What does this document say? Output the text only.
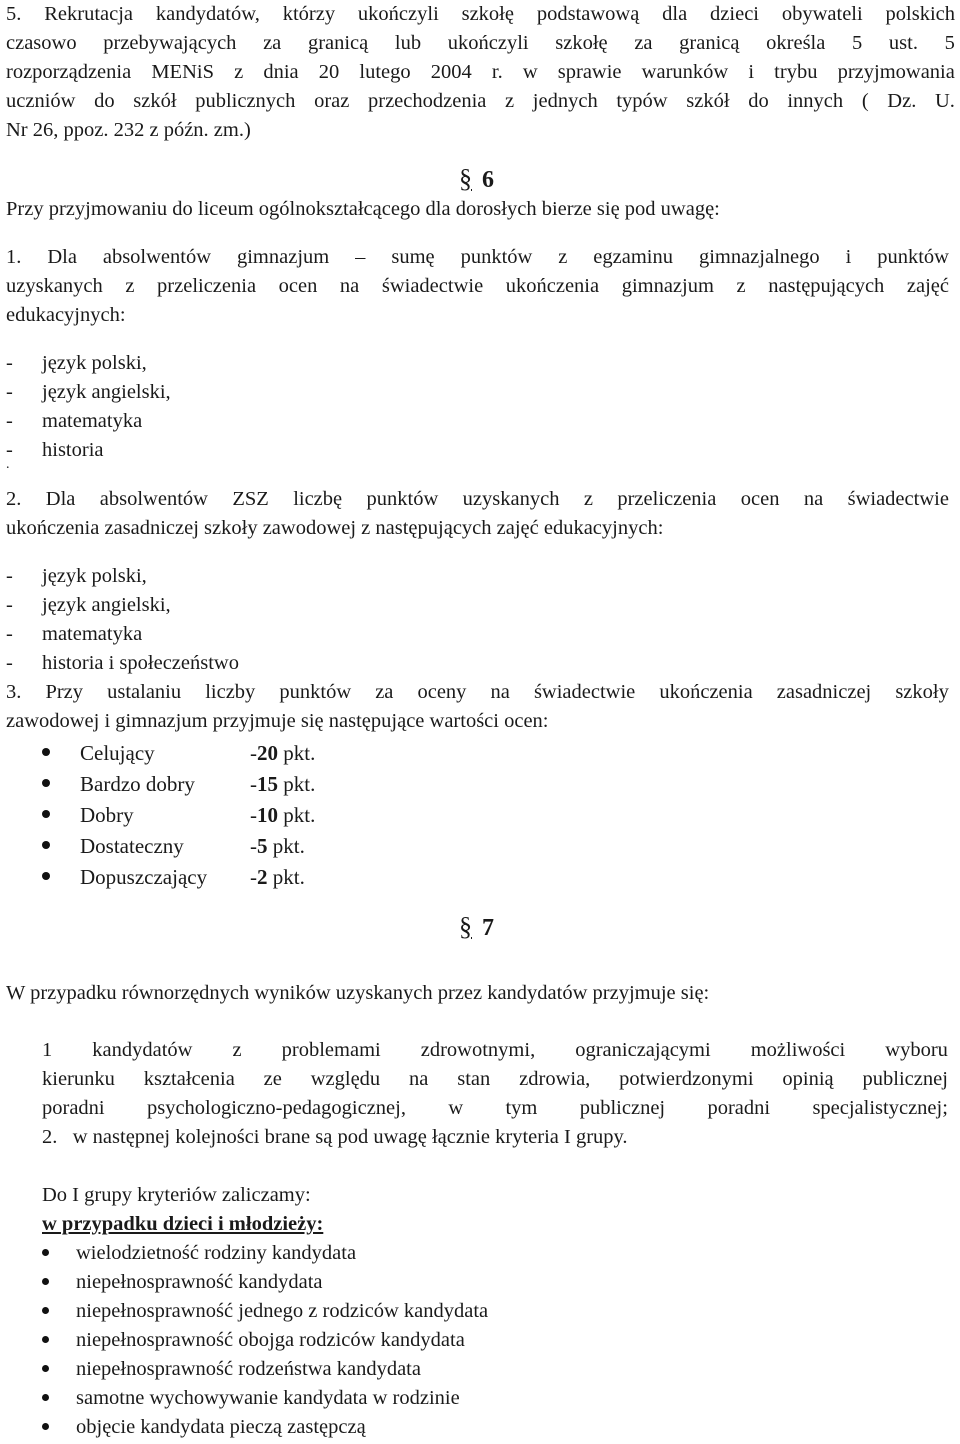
5. Rekrutacja kandydatów, którzy ukończyli szkołę podstawową dla dzieci obywateli polskich
czasowo przebywających za granicą lub ukończyli szkołę za granicą określa 5 ust. 5
rozporządzenia MENiS z dnia 20 lutego 2004 r. w sprawie warunków i trybu przyjmowania
uczniów do szkół publicznych oraz przechodzenia z jednych typów szkół do innych ( Dz. U.
Nr 26, ppoz. 232 z późn. zm.)
§ 6
Przy przyjmowaniu do liceum ogólnokształcącego dla dorosłych bierze się pod uwagę:
1. Dla absolwentów gimnazjum – sumę punktów z egzaminu gimnazjalnego i punktów
uzyskanych z przeliczenia ocen na świadectwie ukończenia gimnazjum z następujących zajęć
edukacyjnych:
- język polski,
- język angielski,
- matematyka
- historia
.
2. Dla absolwentów ZSZ liczbę punktów uzyskanych z przeliczenia ocen na świadectwie
ukończenia zasadniczej szkoły zawodowej z następujących zajęć edukacyjnych:
- język polski,
- język angielski,
- matematyka
- historia i społeczeństwo
3. Przy ustalaniu liczby punktów za oceny na świadectwie ukończenia zasadniczej szkoły
zawodowej i gimnazjum przyjmuje się następujące wartości ocen:
Celujący	-20 pkt.
Bardzo dobry	-15 pkt.
Dobry	-10 pkt.
Dostateczny	-5 pkt.
Dopuszczający -2 pkt.
§ 7
W przypadku równorzędnych wyników uzyskanych przez kandydatów przyjmuje się:
1 kandydatów z problemami zdrowotnymi, ograniczającymi możliwości wyboru
kierunku kształcenia ze względu na stan zdrowia, potwierdzonymi opinią publicznej
poradni psychologiczno-pedagogicznej, w tym publicznej poradni specjalistycznej;
2.   w następnej kolejności brane są pod uwagę łącznie kryteria I grupy.
Do I grupy kryteriów zaliczamy:
w przypadku dzieci i młodzieży:
wielodzietność rodziny kandydata
niepełnosprawność kandydata
niepełnosprawność jednego z rodziców kandydata
niepełnosprawność obojga rodziców kandydata
niepełnosprawność rodzeństwa kandydata
samotne wychowywanie kandydata w rodzinie
objęcie kandydata pieczą zastępczą
